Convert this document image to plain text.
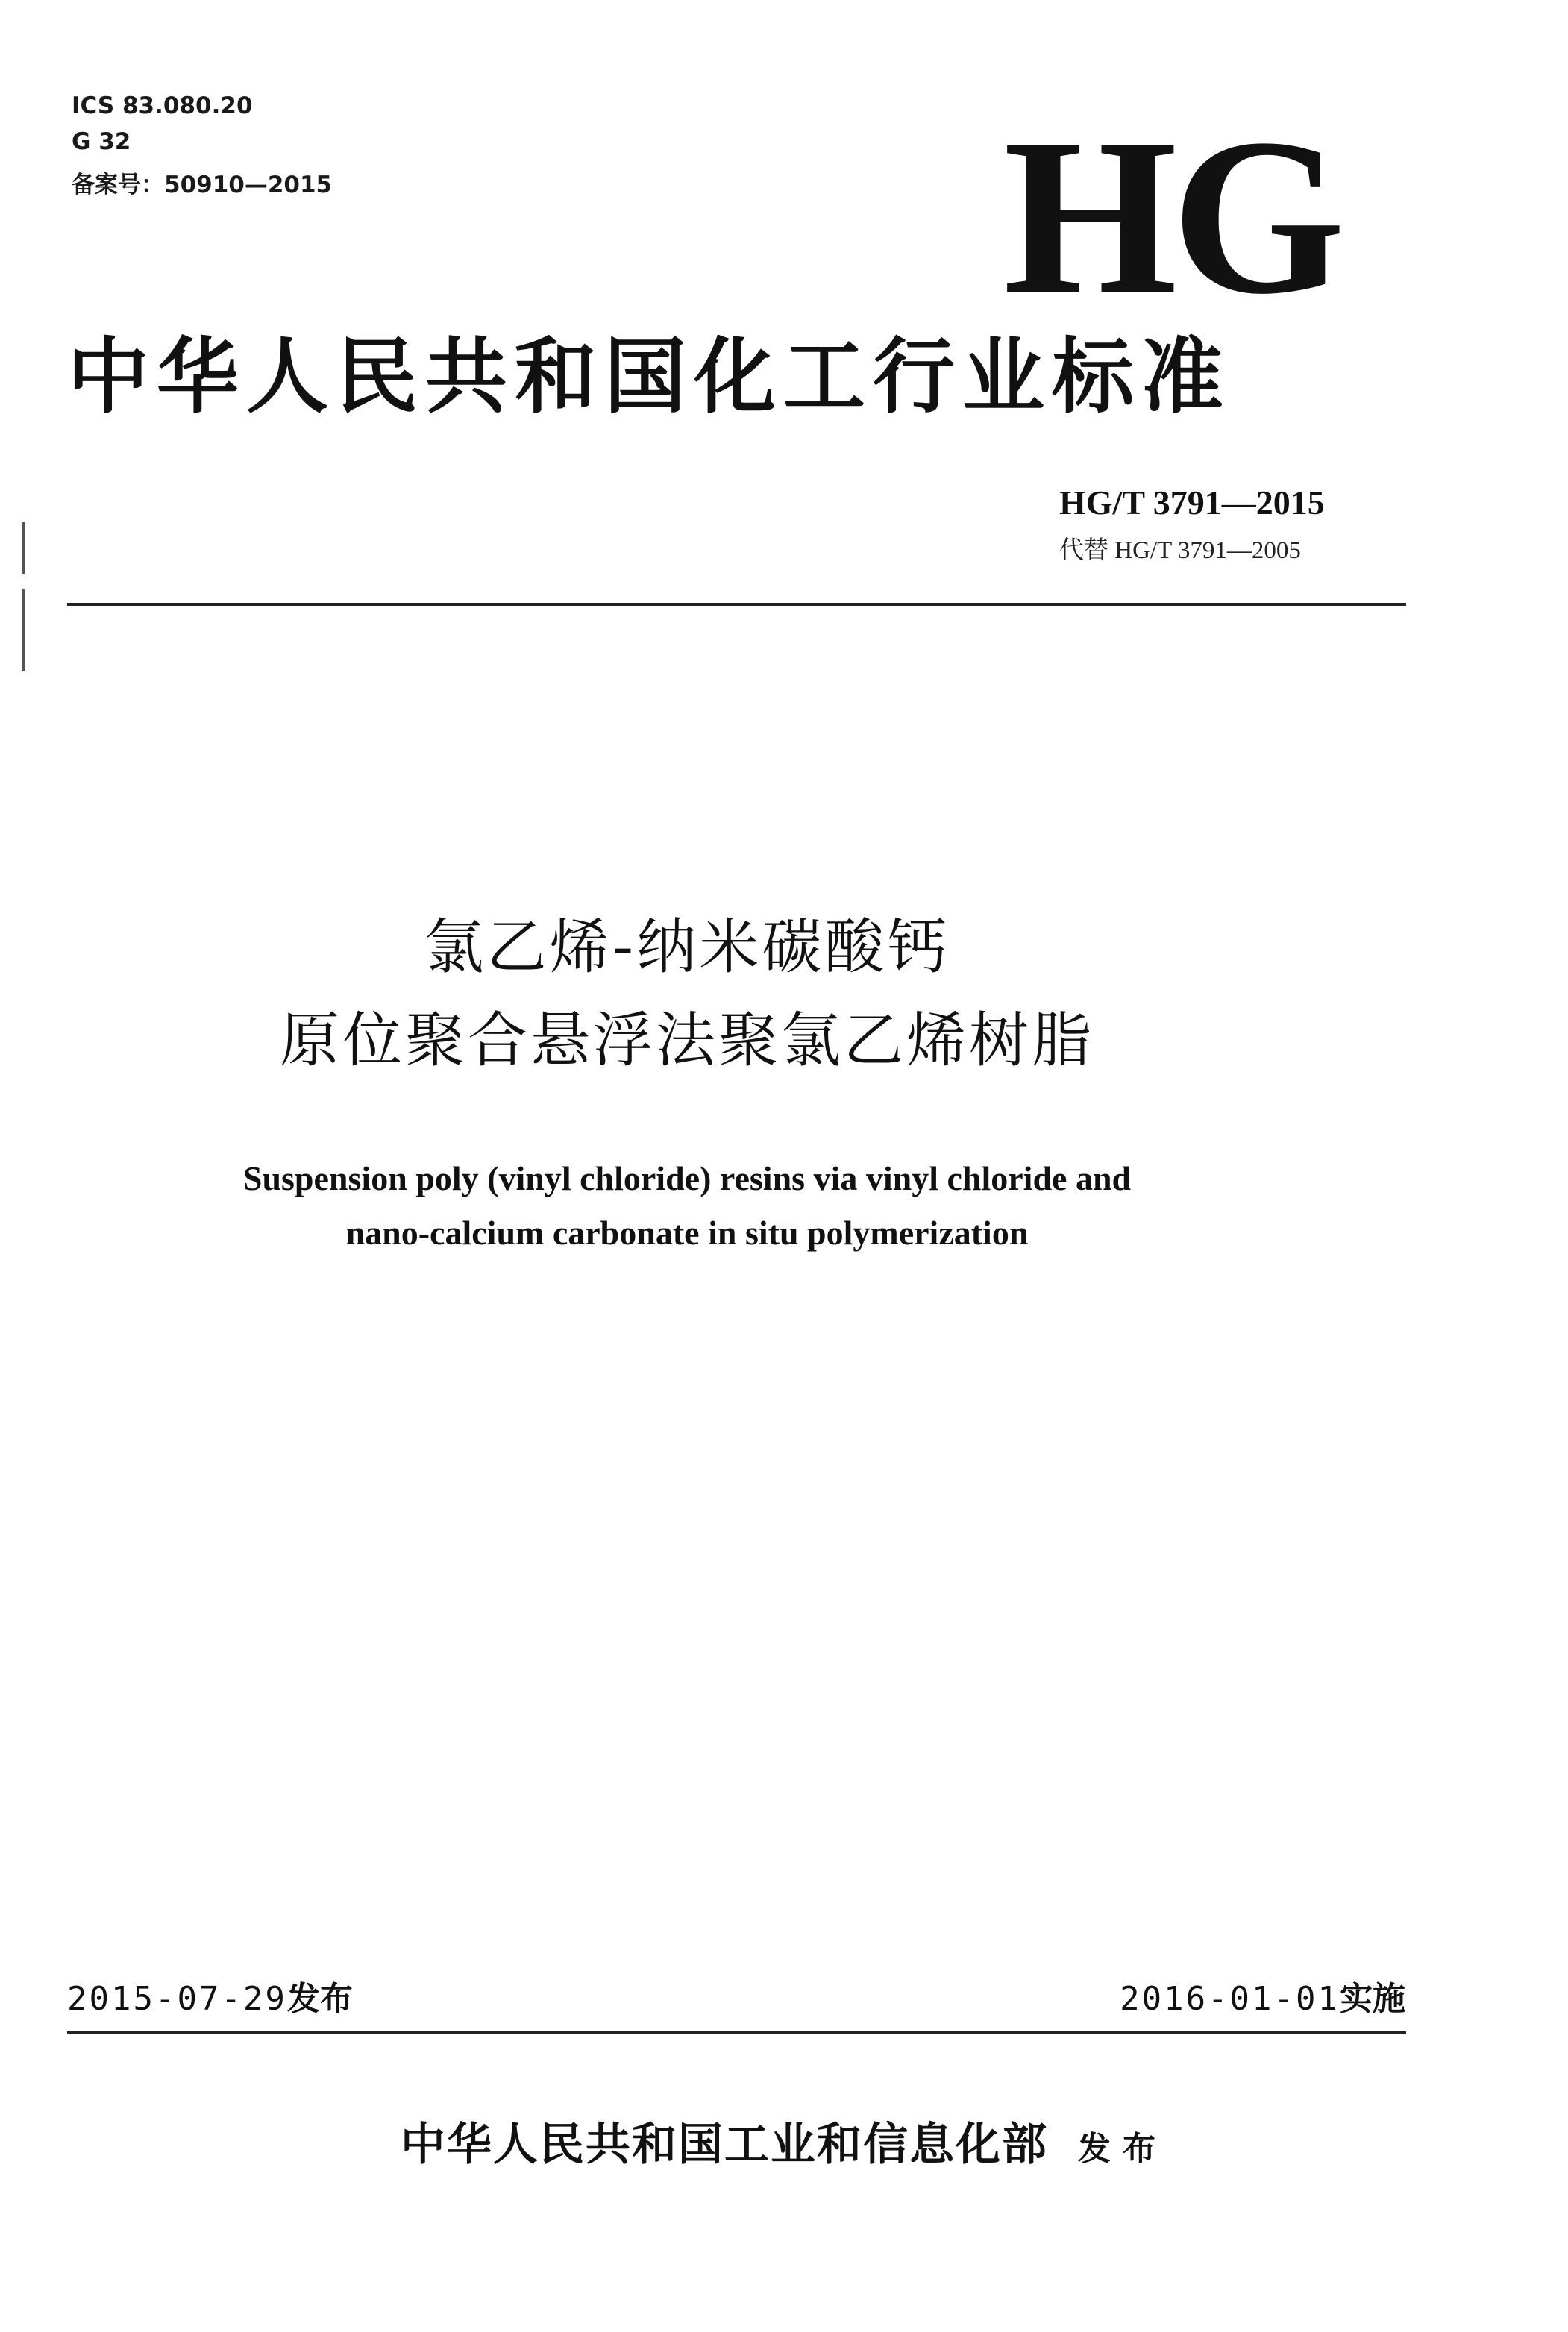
ICS 83.080.20
G 32
备案号：50910—2015	HG
中华人民共和国化工行业标准
HG/T 3791—2015
代替 HG/T 3791—2005
氯乙烯-纳米碳酸钙
原位聚合悬浮法聚氯乙烯树脂
Suspension poly (vinyl chloride) resins via vinyl chloride and
nano-calcium carbonate in situ polymerization
2015-07-29发布	2016-01-01实施
中华人民共和国工业和信息化部 发布
